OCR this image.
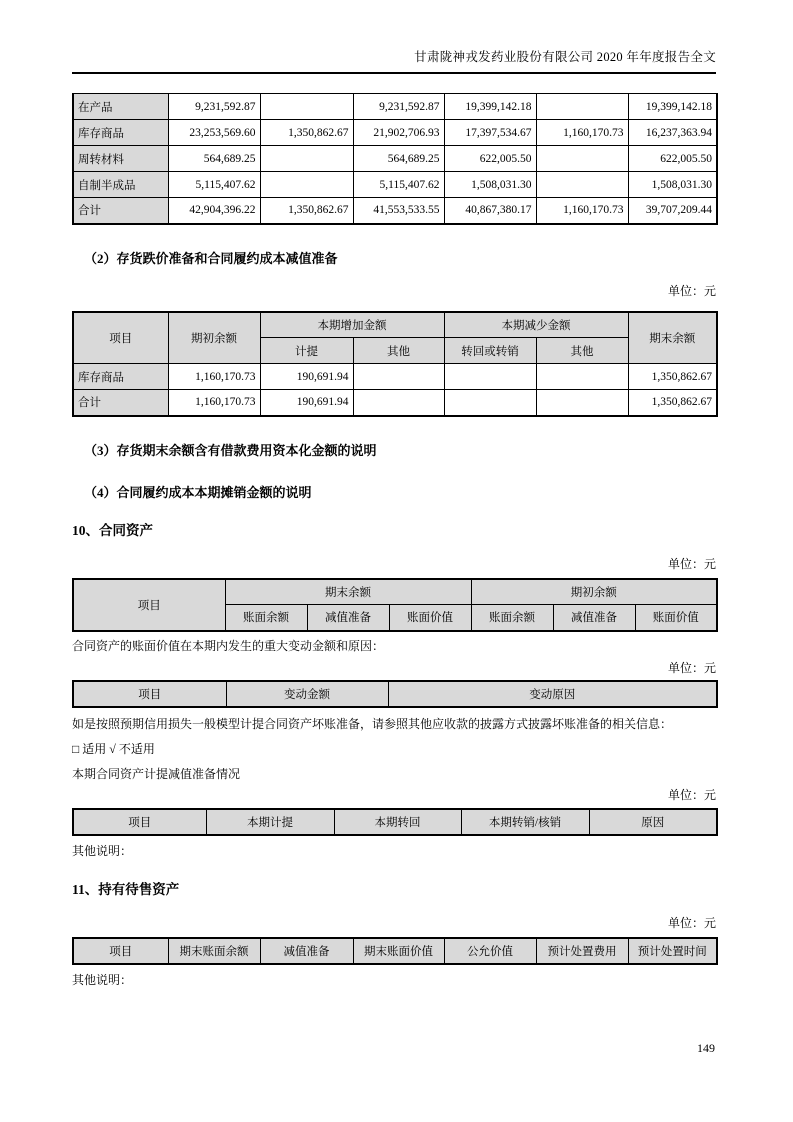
甘肃陇神戎发药业股份有限公司 2020 年年度报告全文
在产品	9,231,592.87		9,231,592.87	19,399,142.18		19,399,142.18
库存商品	23,253,569.60	1,350,862.67	21,902,706.93	17,397,534.67	1,160,170.73	16,237,363.94
周转材料	564,689.25		564,689.25	622,005.50		622,005.50
自制半成品	5,115,407.62		5,115,407.62	1,508,031.30		1,508,031.30
合计	42,904,396.22	1,350,862.67	41,553,533.55	40,867,380.17	1,160,170.73	39,707,209.44
（2）存货跌价准备和合同履约成本减值准备
单位：元
项目	期初余额	本期增加金额		本期减少金额		期末余额
		计提	其他	转回或转销	其他	
库存商品	1,160,170.73	190,691.94				1,350,862.67
合计	1,160,170.73	190,691.94				1,350,862.67
（3）存货期末余额含有借款费用资本化金额的说明
（4）合同履约成本本期摊销金额的说明
10、合同资产
单位：元
项目	期末余额			期初余额		
	账面余额	减值准备	账面价值	账面余额	减值准备	账面价值
合同资产的账面价值在本期内发生的重大变动金额和原因：
单位：元
项目	变动金额	变动原因
如是按照预期信用损失一般模型计提合同资产坏账准备，请参照其他应收款的披露方式披露坏账准备的相关信息：
□ 适用 √ 不适用
本期合同资产计提减值准备情况
单位：元
项目	本期计提	本期转回	本期转销/核销	原因
其他说明：
11、持有待售资产
单位：元
项目	期末账面余额	减值准备	期末账面价值	公允价值	预计处置费用	预计处置时间
其他说明：
149
